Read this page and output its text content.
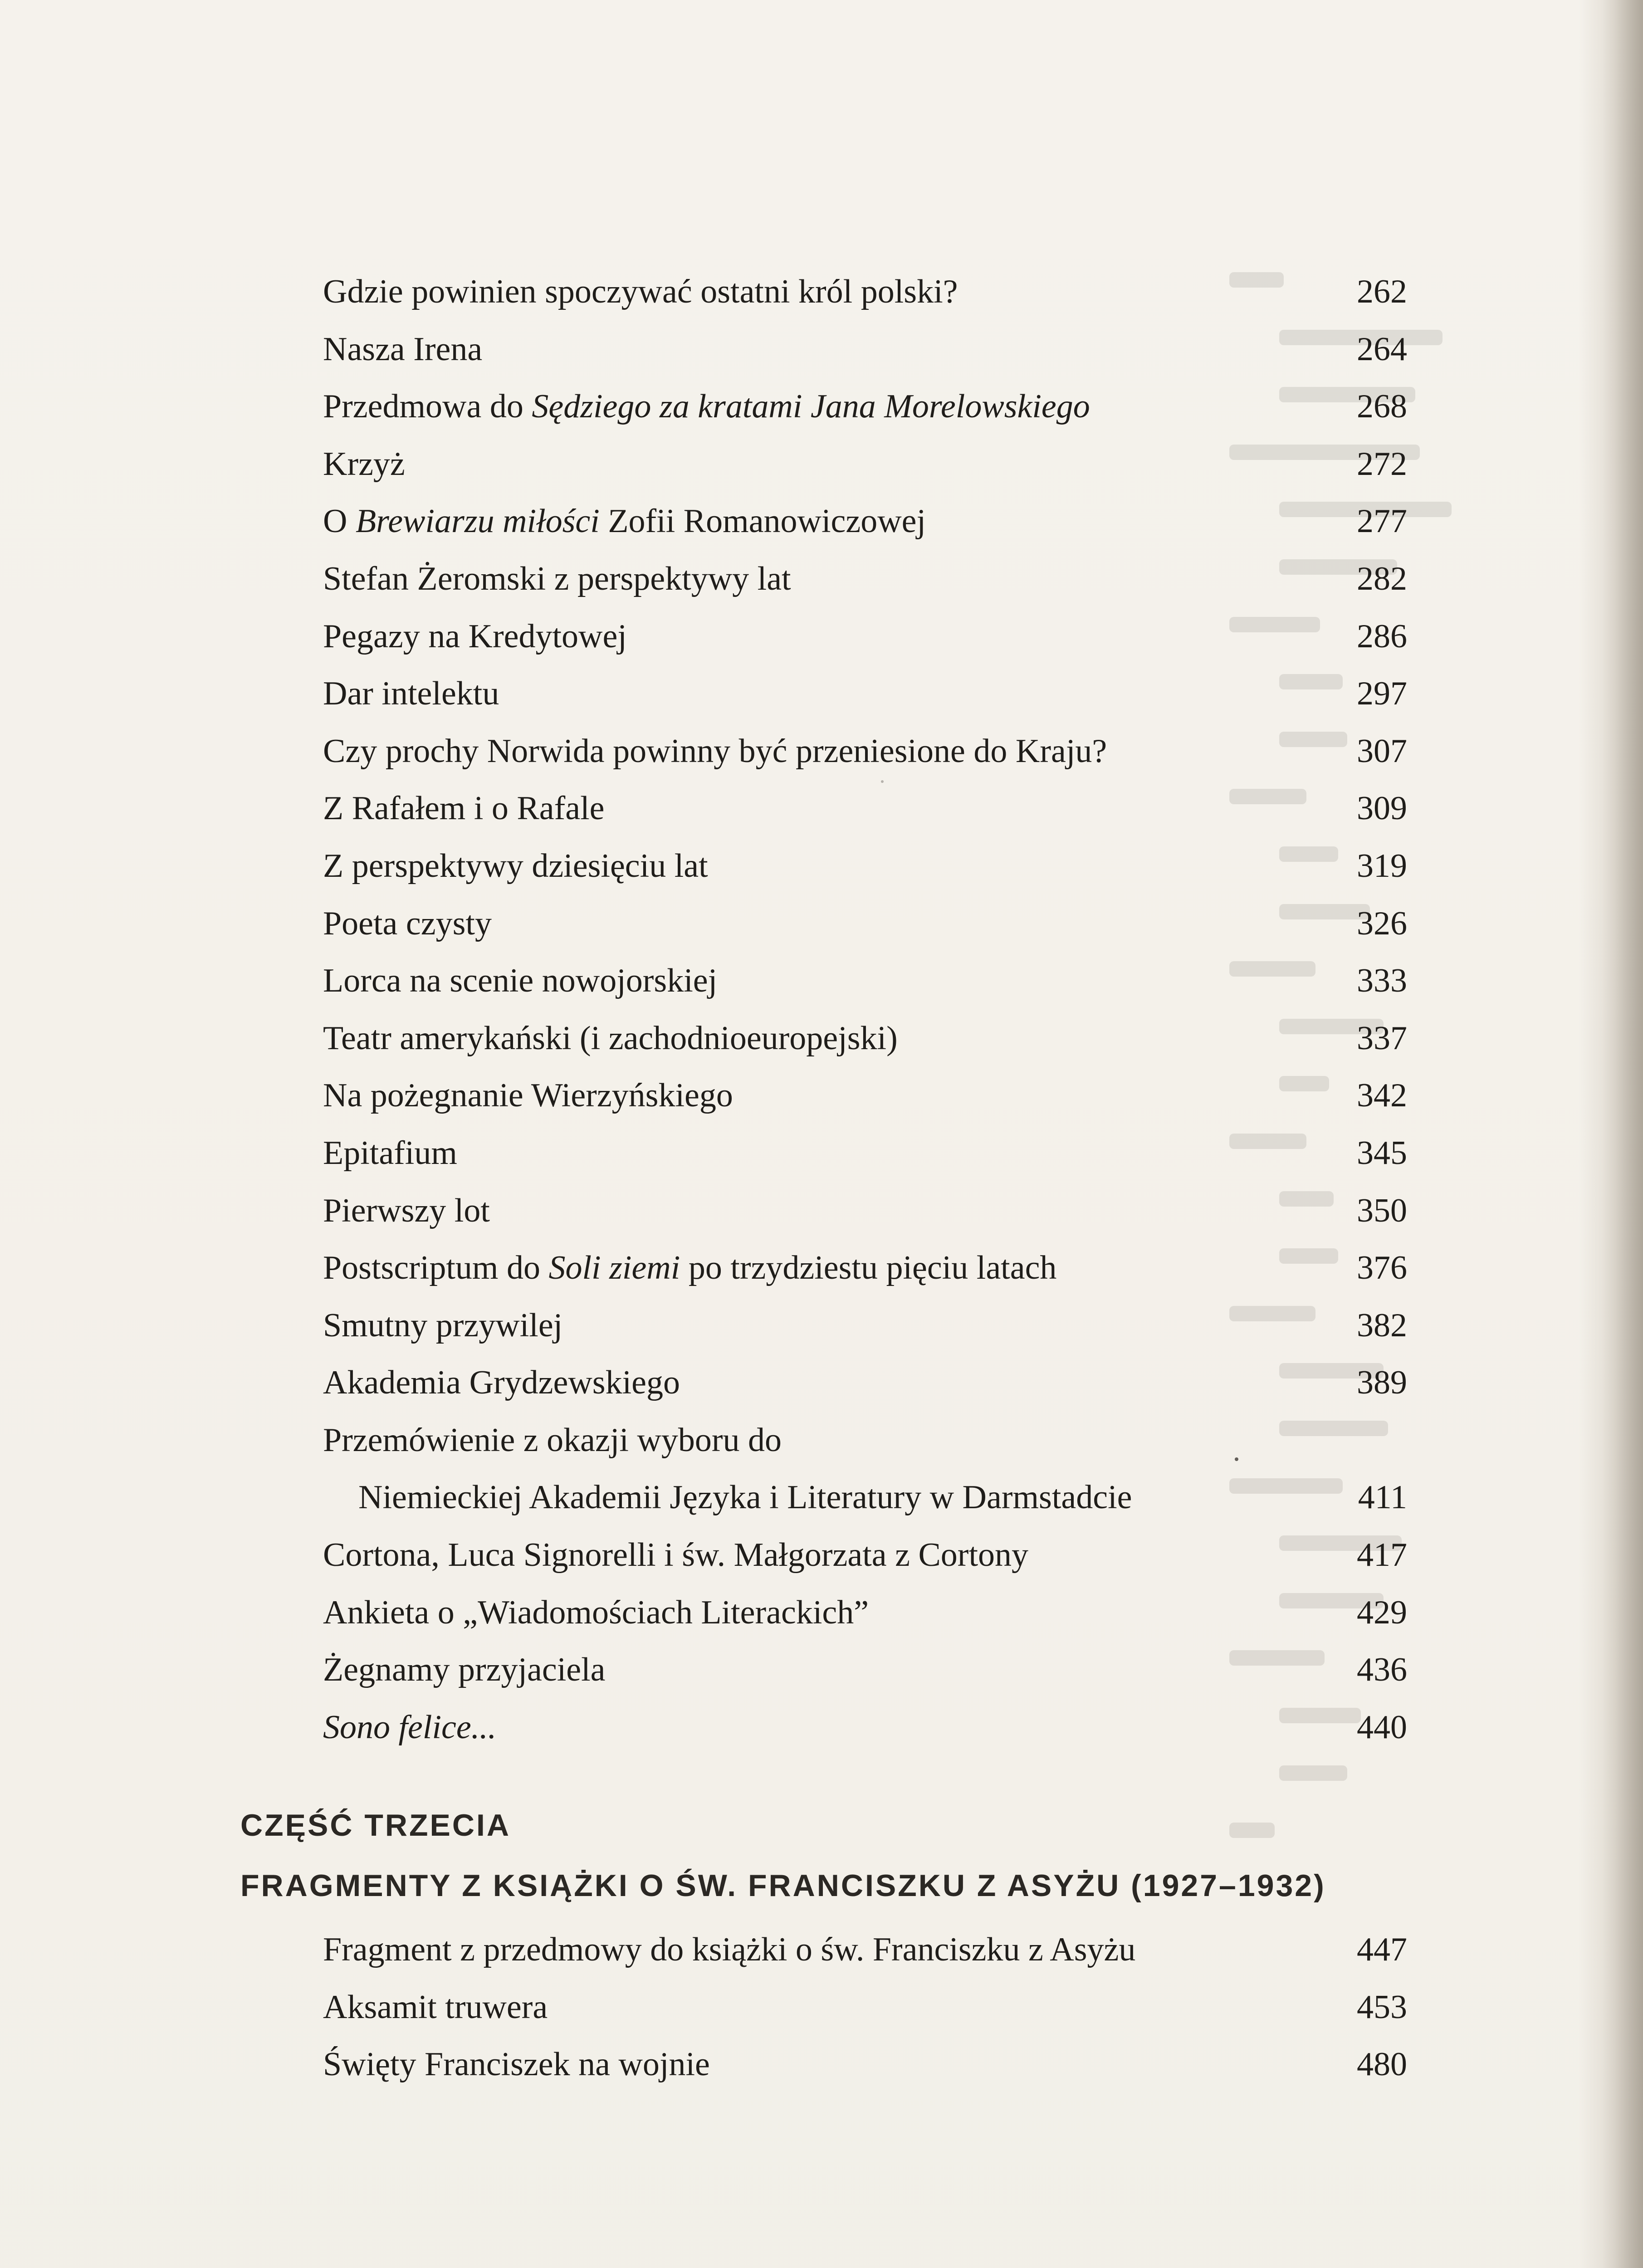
Gdzie powinien spoczywać ostatni król polski?	262
Nasza Irena	264
Przedmowa do Sędziego za kratami Jana Morelowskiego	268
Krzyż	272
O Brewiarzu miłości Zofii Romanowiczowej	277
Stefan Żeromski z perspektywy lat	282
Pegazy na Kredytowej	286
Dar intelektu	297
Czy prochy Norwida powinny być przeniesione do Kraju?	307
Z Rafałem i o Rafale	309
Z perspektywy dziesięciu lat	319
Poeta czysty	326
Lorca na scenie nowojorskiej	333
Teatr amerykański (i zachodnioeuropejski)	337
Na pożegnanie Wierzyńskiego	342
Epitafium	345
Pierwszy lot	350
Postscriptum do Soli ziemi po trzydziestu pięciu latach	376
Smutny przywilej	382
Akademia Grydzewskiego	389
Przemówienie z okazji wyboru do
Niemieckiej Akademii Języka i Literatury w Darmstadcie	411
Cortona, Luca Signorelli i św. Małgorzata z Cortony	417
Ankieta o „Wiadomościach Literackich”	429
Żegnamy przyjaciela	436
Sono felice...	440
CZĘŚĆ TRZECIA
FRAGMENTY Z KSIĄŻKI O ŚW. FRANCISZKU Z ASYŻU (1927–1932)
Fragment z przedmowy do książki o św. Franciszku z Asyżu	447
Aksamit truwera	453
Święty Franciszek na wojnie	480
